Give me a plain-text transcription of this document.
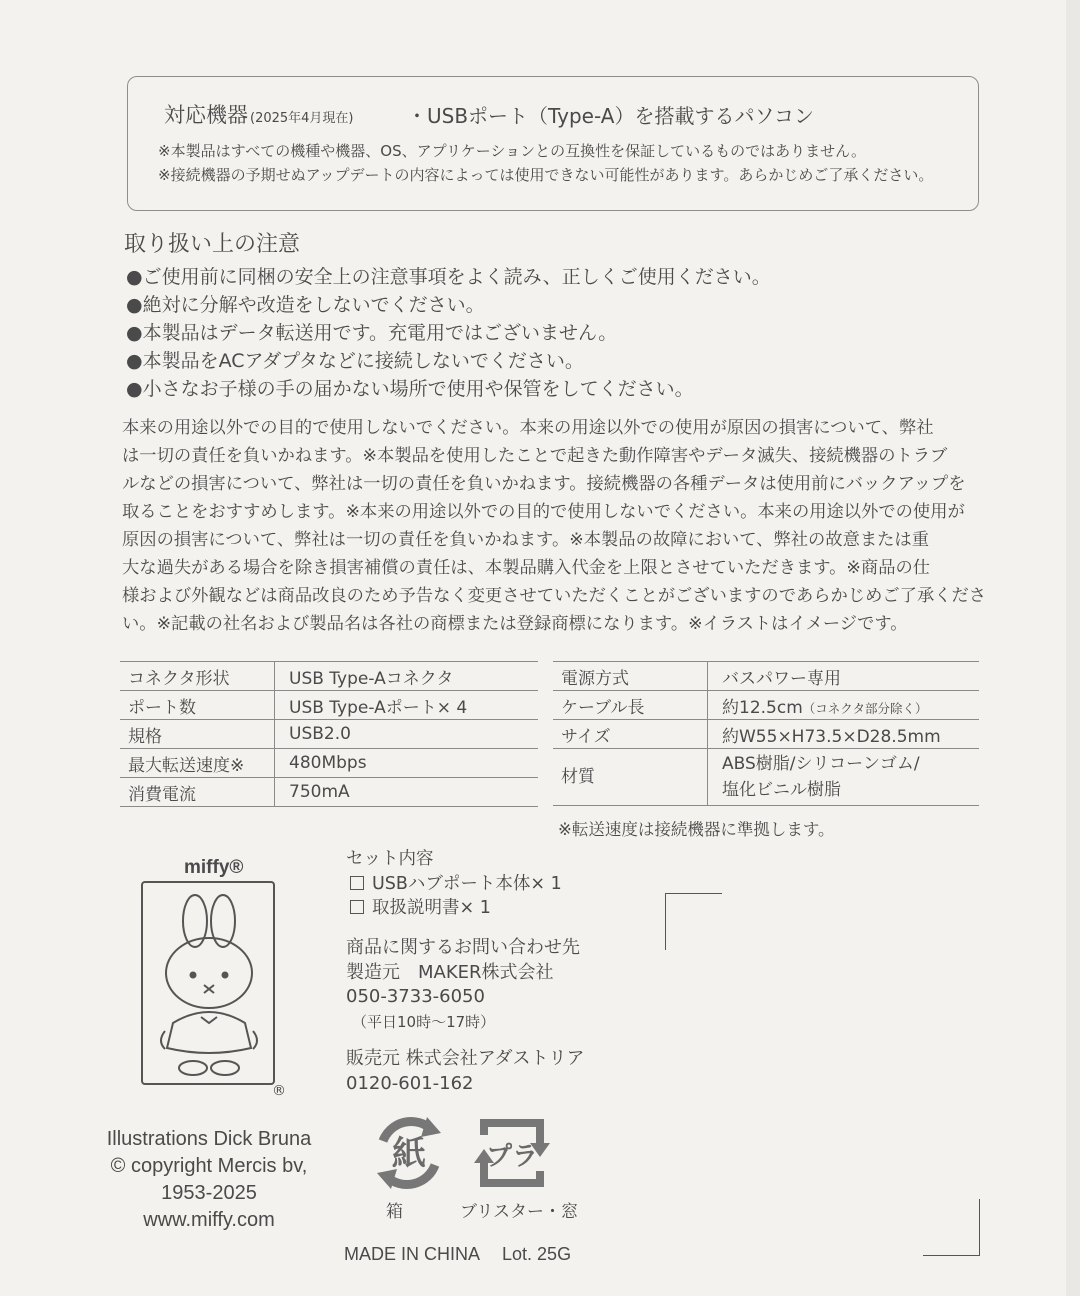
対応機器 (2025年4月現在)	・USBポート（Type-A）を搭載するパソコン
※本製品はすべての機種や機器、OS、アプリケーションとの互換性を保証しているものではありません。
※接続機器の予期せぬアップデートの内容によっては使用できない可能性があります。あらかじめご了承ください。
取り扱い上の注意
●ご使用前に同梱の安全上の注意事項をよく読み、正しくご使用ください。
●絶対に分解や改造をしないでください。
●本製品はデータ転送用です。充電用ではございません。
●本製品をACアダプタなどに接続しないでください。
●小さなお子様の手の届かない場所で使用や保管をしてください。
本来の用途以外での目的で使用しないでください。本来の用途以外での使用が原因の損害について、弊社
は一切の責任を負いかねます。※本製品を使用したことで起きた動作障害やデータ滅失、接続機器のトラブ
ルなどの損害について、弊社は一切の責任を負いかねます。接続機器の各種データは使用前にバックアップを
取ることをおすすめします。※本来の用途以外での目的で使用しないでください。本来の用途以外での使用が
原因の損害について、弊社は一切の責任を負いかねます。※本製品の故障において、弊社の故意または重
大な過失がある場合を除き損害補償の責任は、本製品購入代金を上限とさせていただきます。※商品の仕
様および外観などは商品改良のため予告なく変更させていただくことがございますのであらかじめご了承くださ
い。※記載の社名および製品名は各社の商標または登録商標になります。※イラストはイメージです。
コネクタ形状	USB Type-Aコネクタ
ポート数	USB Type-Aポート× 4
規格	USB2.0
最大転送速度※	480Mbps
消費電流	750mA
電源方式	バスパワー専用
ケーブル長	約12.5cm（コネクタ部分除く）
サイズ	約W55×H73.5×D28.5mm
材質	ABS樹脂/シリコーンゴム/
塩化ビニル樹脂
※転送速度は接続機器に準拠します。
miffy®
®
Illustrations Dick Bruna
© copyright Mercis bv,
1953-2025
www.miffy.com
セット内容
USBハブポート本体× 1
取扱説明書× 1
商品に関するお問い合わせ先
製造元　MAKER株式会社
050-3733-6050
（平日10時〜17時）
販売元 株式会社アダストリア
0120-601-162
紙 プラ
箱	ブリスター・窓
MADE IN CHINA　 Lot. 25G
